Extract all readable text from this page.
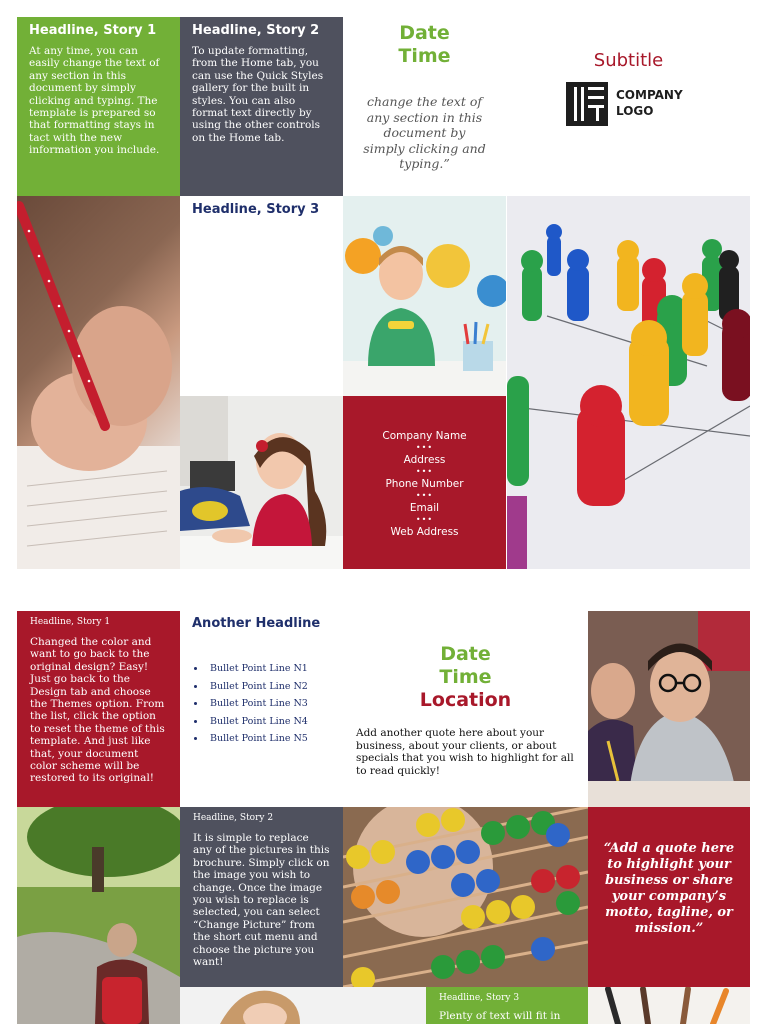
Headline, Story 1

At any time, you can easily change the text of any section in this document by simply clicking and typing. The template is prepared so that formatting stays in tact with the new information you include.

Headline, Story 2

To update formatting, from the Home tab, you can use the Quick Styles gallery for the built in styles. You can also format text directly by using the other controls on the Home tab.

Date
Time
change the text of any section in this document by simply clicking and typing.”
Subtitle
COMPANY
LOGO

Headline, Story 3

Company Name
•••
Address
•••
Phone Number
•••
Email
•••
Web Address

Headline, Story 1

Changed the color and want to go back to the original design? Easy! Just go back to the Design tab and choose the Themes option. From the list, click the option to reset the theme of this template. And just like that, your document color scheme will be restored to its original!

Another Headline

• Bullet Point Line N1
• Bullet Point Line N2
• Bullet Point Line N3
• Bullet Point Line N4
• Bullet Point Line N5
Date
Time
Location

Add another quote here about your business, about your clients, or about specials that you wish to highlight for all to read quickly!

Headline, Story 2

It is simple to replace any of the pictures in this brochure. Simply click on the image you wish to change. Once the image you wish to replace is selected, you can select “Change Picture” from the short cut menu and choose the picture you want!

“Add a quote here to highlight your business or share your company’s motto, tagline, or mission.”

Headline, Story 3

Plenty of text will fit in
